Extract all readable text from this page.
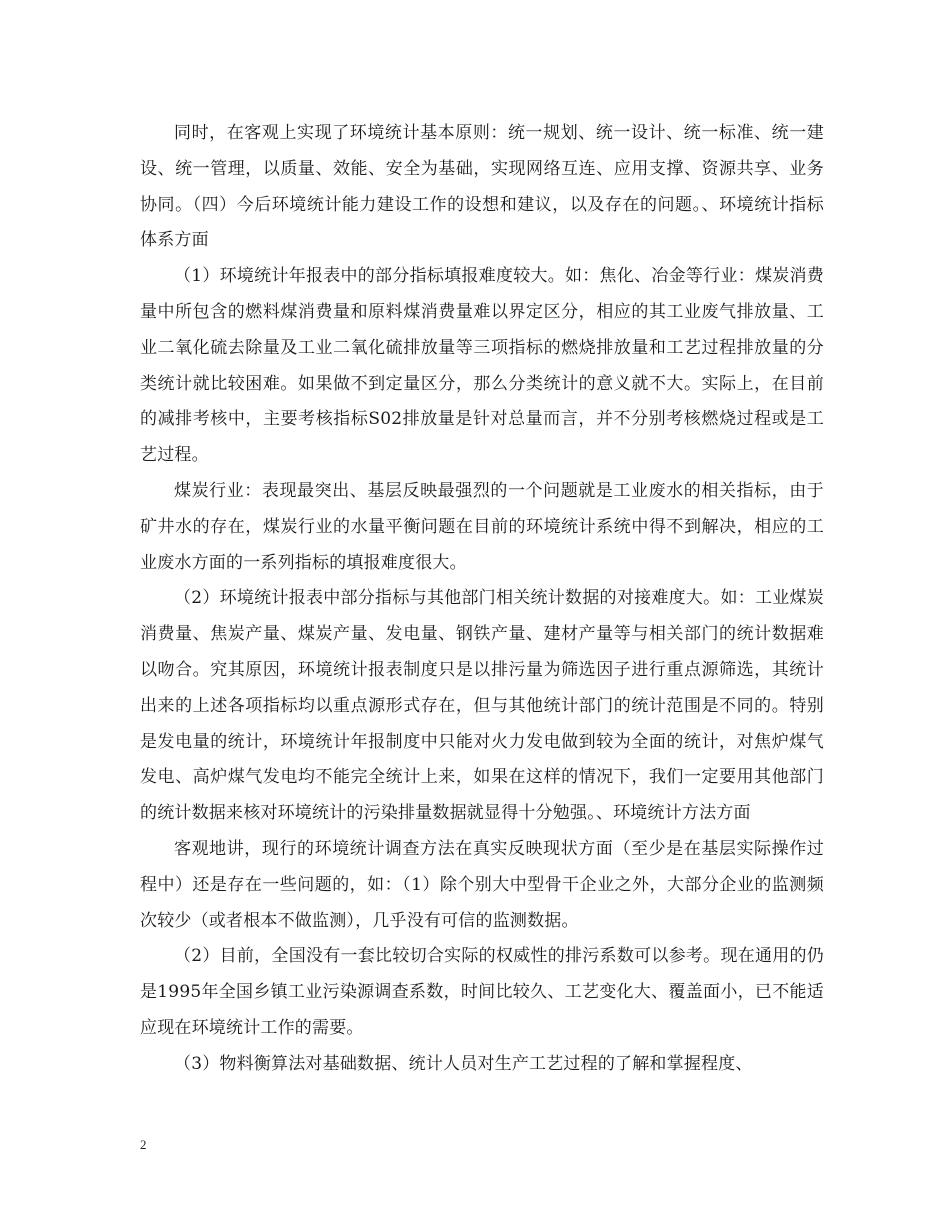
同时，在客观上实现了环境统计基本原则：统一规划、统一设计、统一标准、统一建设、统一管理，以质量、效能、安全为基础，实现网络互连、应用支撑、资源共享、业务协同。（四）今后环境统计能力建设工作的设想和建议，以及存在的问题。、环境统计指标体系方面

（1）环境统计年报表中的部分指标填报难度较大。如：焦化、冶金等行业：煤炭消费量中所包含的燃料煤消费量和原料煤消费量难以界定区分，相应的其工业废气排放量、工业二氧化硫去除量及工业二氧化硫排放量等三项指标的燃烧排放量和工艺过程排放量的分类统计就比较困难。如果做不到定量区分，那么分类统计的意义就不大。实际上，在目前的减排考核中，主要考核指标S02排放量是针对总量而言，并不分别考核燃烧过程或是工艺过程。

煤炭行业：表现最突出、基层反映最强烈的一个问题就是工业废水的相关指标，由于矿井水的存在，煤炭行业的水量平衡问题在目前的环境统计系统中得不到解决，相应的工业废水方面的一系列指标的填报难度很大。

（2）环境统计报表中部分指标与其他部门相关统计数据的对接难度大。如：工业煤炭消费量、焦炭产量、煤炭产量、发电量、钢铁产量、建材产量等与相关部门的统计数据难以吻合。究其原因，环境统计报表制度只是以排污量为筛选因子进行重点源筛选，其统计出来的上述各项指标均以重点源形式存在，但与其他统计部门的统计范围是不同的。特别是发电量的统计，环境统计年报制度中只能对火力发电做到较为全面的统计，对焦炉煤气发电、高炉煤气发电均不能完全统计上来，如果在这样的情况下，我们一定要用其他部门的统计数据来核对环境统计的污染排量数据就显得十分勉强。、环境统计方法方面

客观地讲，现行的环境统计调查方法在真实反映现状方面（至少是在基层实际操作过程中）还是存在一些问题的，如：（1）除个别大中型骨干企业之外，大部分企业的监测频次较少（或者根本不做监测），几乎没有可信的监测数据。

（2）目前，全国没有一套比较切合实际的权威性的排污系数可以参考。现在通用的仍是1995年全国乡镇工业污染源调查系数，时间比较久、工艺变化大、覆盖面小，已不能适应现在环境统计工作的需要。

（3）物料衡算法对基础数据、统计人员对生产工艺过程的了解和掌握程度、

2
